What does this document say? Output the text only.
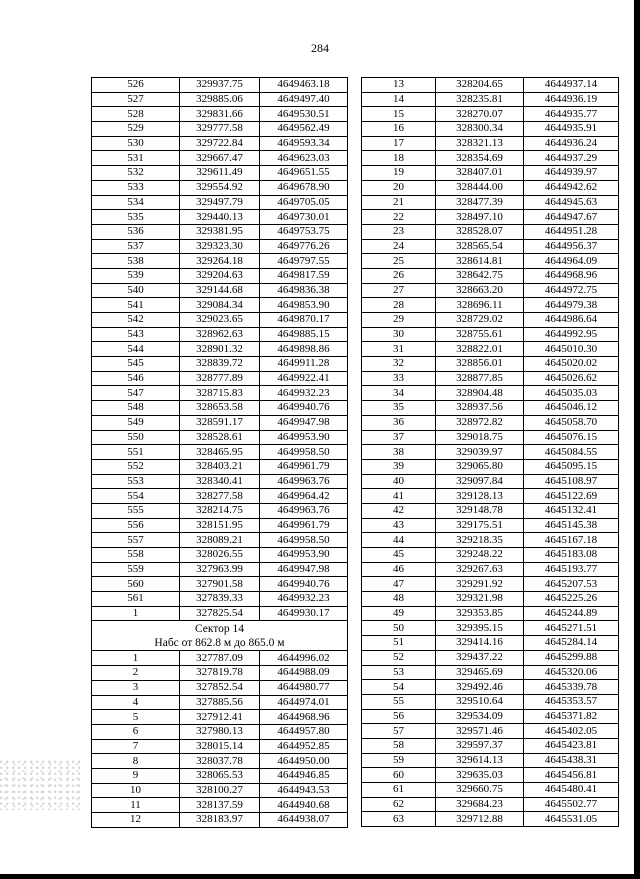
284
526	329937.75	4649463.18
527	329885.06	4649497.40
528	329831.66	4649530.51
529	329777.58	4649562.49
530	329722.84	4649593.34
531	329667.47	4649623.03
532	329611.49	4649651.55
533	329554.92	4649678.90
534	329497.79	4649705.05
535	329440.13	4649730.01
536	329381.95	4649753.75
537	329323.30	4649776.26
538	329264.18	4649797.55
539	329204.63	4649817.59
540	329144.68	4649836.38
541	329084.34	4649853.90
542	329023.65	4649870.17
543	328962.63	4649885.15
544	328901.32	4649898.86
545	328839.72	4649911.28
546	328777.89	4649922.41
547	328715.83	4649932.23
548	328653.58	4649940.76
549	328591.17	4649947.98
550	328528.61	4649953.90
551	328465.95	4649958.50
552	328403.21	4649961.79
553	328340.41	4649963.76
554	328277.58	4649964.42
555	328214.75	4649963.76
556	328151.95	4649961.79
557	328089.21	4649958.50
558	328026.55	4649953.90
559	327963.99	4649947.98
560	327901.58	4649940.76
561	327839.33	4649932.23
1	327825.54	4649930.17

Сектор 14
Набс от 862.8 м до 865.0 м		

1	327787.09	4644996.02
2	327819.78	4644988.09
3	327852.54	4644980.77
4	327885.56	4644974.01
5	327912.41	4644968.96
6	327980.13	4644957.80
7	328015.14	4644952.85
8	328037.78	4644950.00
9	328065.53	4644946.85
10	328100.27	4644943.53
11	328137.59	4644940.68
12	328183.97	4644938.07
13	328204.65	4644937.14
14	328235.81	4644936.19
15	328270.07	4644935.77
16	328300.34	4644935.91
17	328321.13	4644936.24
18	328354.69	4644937.29
19	328407.01	4644939.97
20	328444.00	4644942.62
21	328477.39	4644945.63
22	328497.10	4644947.67
23	328528.07	4644951.28
24	328565.54	4644956.37
25	328614.81	4644964.09
26	328642.75	4644968.96
27	328663.20	4644972.75
28	328696.11	4644979.38
29	328729.02	4644986.64
30	328755.61	4644992.95
31	328822.01	4645010.30
32	328856.01	4645020.02
33	328877.85	4645026.62
34	328904.48	4645035.03
35	328937.56	4645046.12
36	328972.82	4645058.70
37	329018.75	4645076.15
38	329039.97	4645084.55
39	329065.80	4645095.15
40	329097.84	4645108.97
41	329128.13	4645122.69
42	329148.78	4645132.41
43	329175.51	4645145.38
44	329218.35	4645167.18
45	329248.22	4645183.08
46	329267.63	4645193.77
47	329291.92	4645207.53
48	329321.98	4645225.26
49	329353.85	4645244.89
50	329395.15	4645271.51
51	329414.16	4645284.14
52	329437.22	4645299.88
53	329465.69	4645320.06
54	329492.46	4645339.78
55	329510.64	4645353.57
56	329534.09	4645371.82
57	329571.46	4645402.05
58	329597.37	4645423.81
59	329614.13	4645438.31
60	329635.03	4645456.81
61	329660.75	4645480.41
62	329684.23	4645502.77
63	329712.88	4645531.05
